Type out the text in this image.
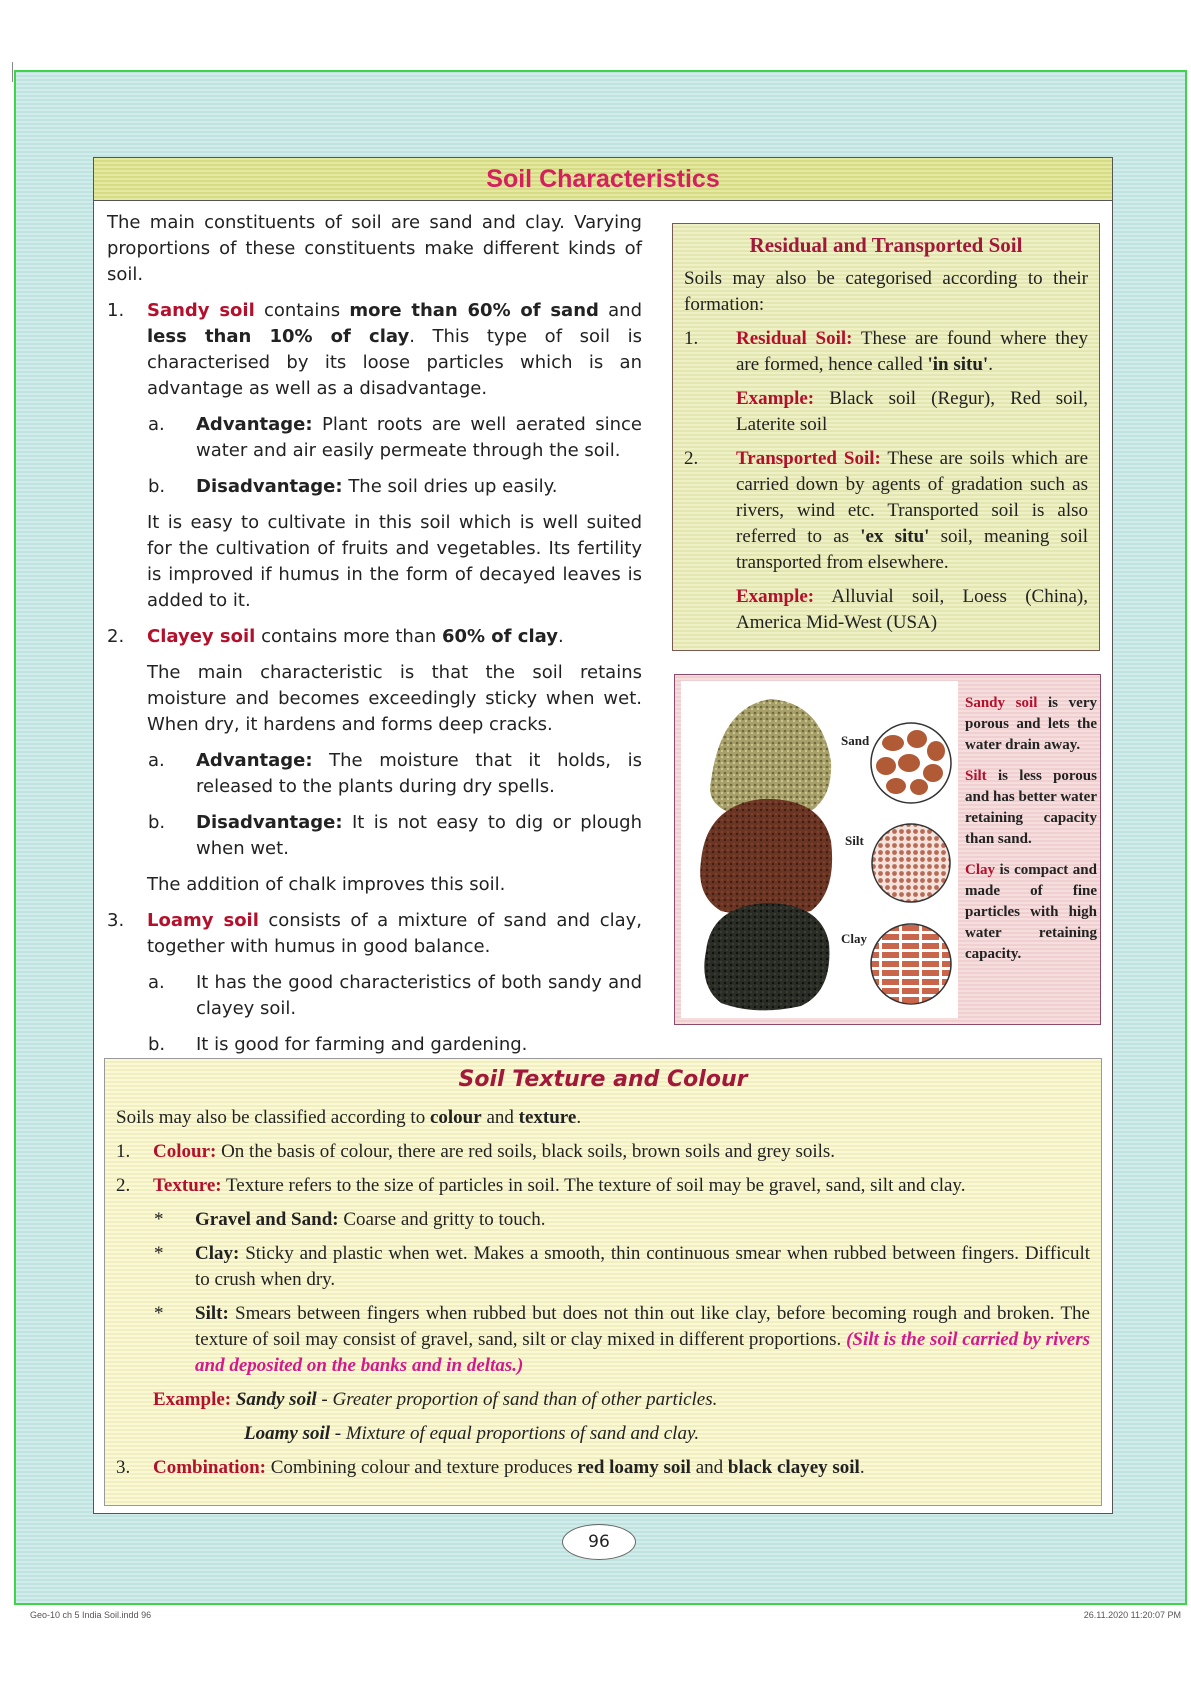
Soil Characteristics

The main constituents of soil are sand and clay. Varying proportions of these constituents make different kinds of soil.

1. Sandy soil contains more than 60% of sand and less than 10% of clay. This type of soil is characterised by its loose particles which is an advantage as well as a disadvantage.
a. Advantage: Plant roots are well aerated since water and air easily permeate through the soil.
b. Disadvantage: The soil dries up easily.
It is easy to cultivate in this soil which is well suited for the cultivation of fruits and vegetables. Its fertility is improved if humus in the form of decayed leaves is added to it.
2. Clayey soil contains more than 60% of clay.
The main characteristic is that the soil retains moisture and becomes exceedingly sticky when wet. When dry, it hardens and forms deep cracks.
a. Advantage: The moisture that it holds, is released to the plants during dry spells.
b. Disadvantage: It is not easy to dig or plough when wet.
The addition of chalk improves this soil.
3. Loamy soil consists of a mixture of sand and clay, together with humus in good balance.
a. It has the good characteristics of both sandy and clayey soil.
b. It is good for farming and gardening.
Residual and Transported Soil
Soils may also be categorised according to their formation:
1. Residual Soil: These are found where they are formed, hence called 'in situ'.
Example: Black soil (Regur), Red soil, Laterite soil
2. Transported Soil: These are soils which are carried down by agents of gradation such as rivers, wind etc. Transported soil is also referred to as 'ex situ' soil, meaning soil transported from elsewhere.
Example: Alluvial soil, Loess (China), America Mid-West (USA)
Sand
Silt
Clay

Sandy soil is very porous and lets the water drain away.

Silt is less porous and has better water retaining capacity than sand.

Clay is compact and made of fine particles with high water retaining capacity.

Soil Texture and Colour
Soils may also be classified according to colour and texture.
1. Colour: On the basis of colour, there are red soils, black soils, brown soils and grey soils.
2. Texture: Texture refers to the size of particles in soil. The texture of soil may be gravel, sand, silt and clay.
* Gravel and Sand: Coarse and gritty to touch.
* Clay: Sticky and plastic when wet. Makes a smooth, thin continuous smear when rubbed between fingers. Difficult to crush when dry.
* Silt: Smears between fingers when rubbed but does not thin out like clay, before becoming rough and broken. The texture of soil may consist of gravel, sand, silt or clay mixed in different proportions. (Silt is the soil carried by rivers and deposited on the banks and in deltas.)
Example: Sandy soil - Greater proportion of sand than of other particles.
Loamy soil - Mixture of equal proportions of sand and clay.
3. Combination: Combining colour and texture produces red loamy soil and black clayey soil.
96
Geo-10 ch 5 India Soil.indd 96	26.11.2020 11:20:07 PM
